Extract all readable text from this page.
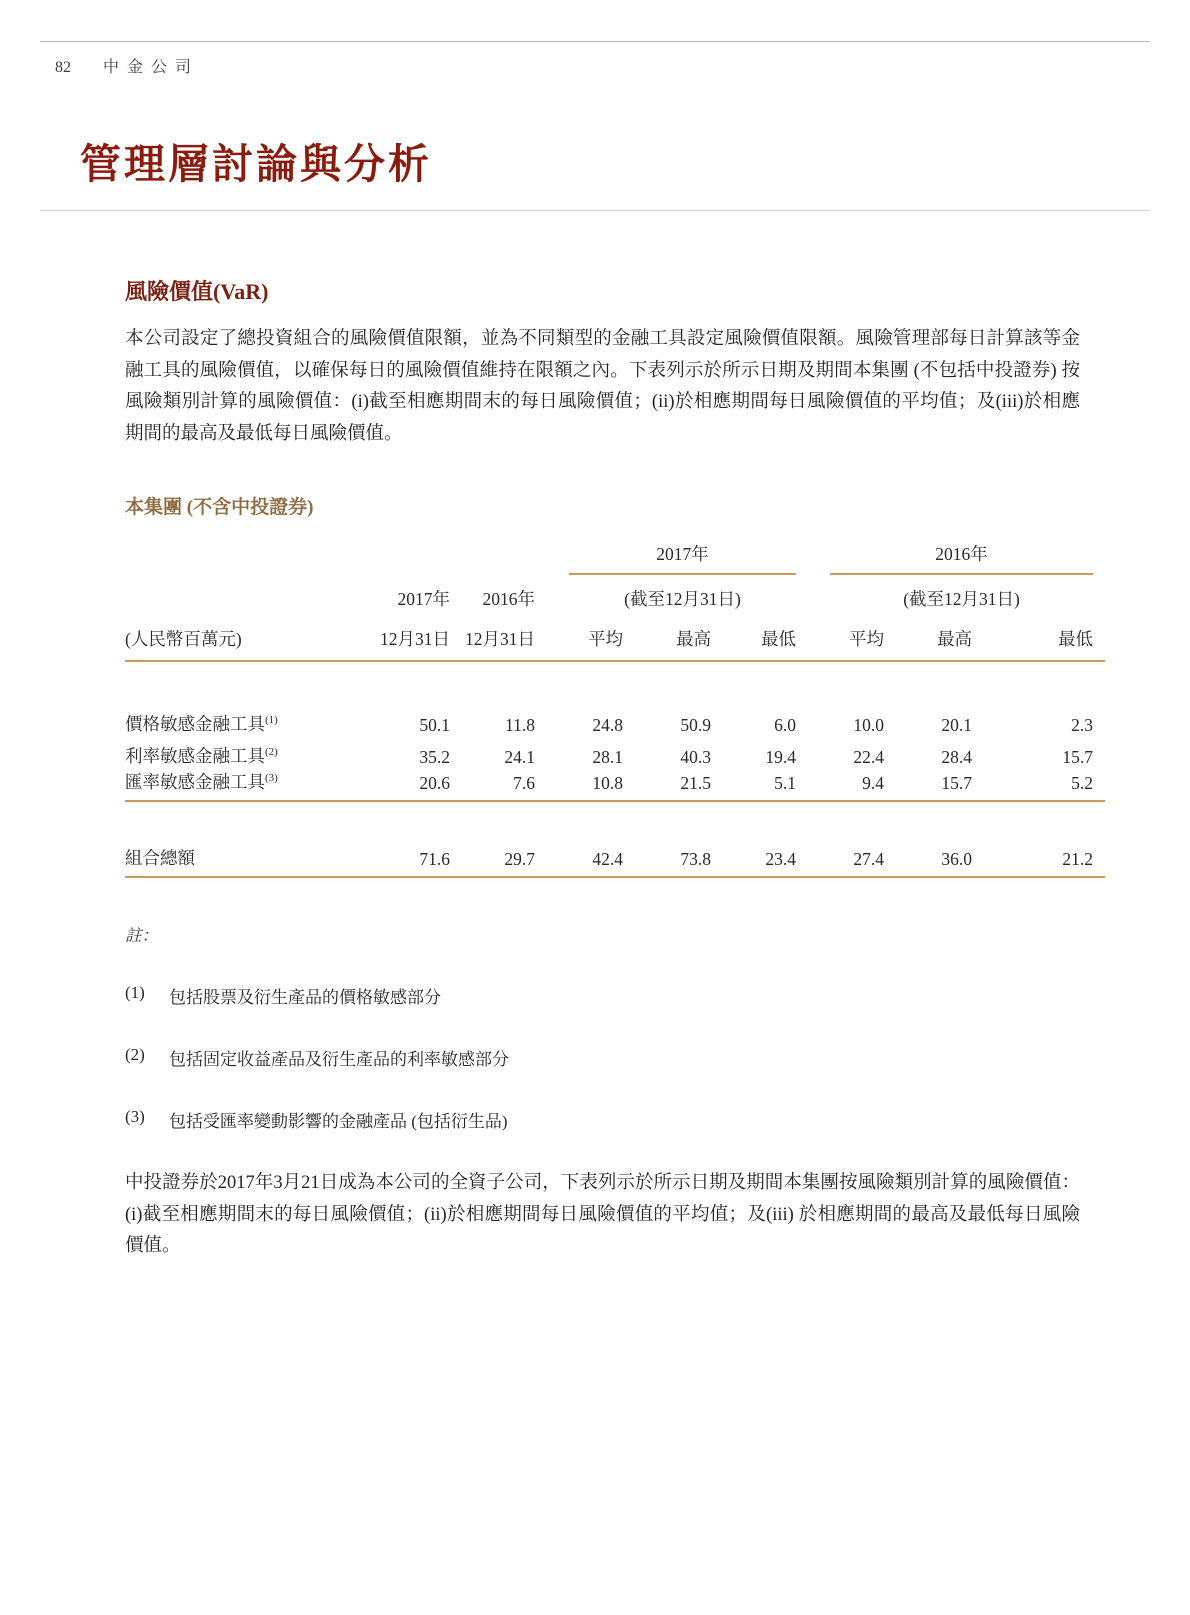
82 中金公司
管理層討論與分析
風險價值(VaR)

本公司設定了總投資組合的風險價值限額，並為不同類型的金融工具設定風險價值限額。風險管理部每日計算該等金融工具的風險價值，以確保每日的風險價值維持在限額之內。下表列示於所示日期及期間本集團 (不包括中投證券) 按風險類別計算的風險價值：(i)截至相應期間末的每日風險價值；(ii)於相應期間每日風險價值的平均值；及(iii)於相應期間的最高及最低每日風險價值。

本集團 (不含中投證券)

			2017年			2016年		

	2017年	2016年	(截至12月31日)			(截至12月31日)		

(人民幣百萬元)	12月31日	12月31日	平均	最高	最低	平均	最高	最低

價格敏感金融工具$^{(1)}$	50.1	11.8	24.8	50.9	6.0	10.0	20.1	2.3
利率敏感金融工具$^{(2)}$	35.2	24.1	28.1	40.3	19.4	22.4	28.4	15.7
匯率敏感金融工具$^{(3)}$	20.6	7.6	10.8	21.5	5.1	9.4	15.7	5.2

組合總額	71.6	29.7	42.4	73.8	23.4	27.4	36.0	21.2

註：

(1)	包括股票及衍生產品的價格敏感部分
(2)	包括固定收益產品及衍生產品的利率敏感部分
(3)	包括受匯率變動影響的金融產品 (包括衍生品)

中投證券於2017年3月21日成為本公司的全資子公司，下表列示於所示日期及期間本集團按風險類別計算的風險價值：(i)截至相應期間末的每日風險價值；(ii)於相應期間每日風險價值的平均值；及(iii) 於相應期間的最高及最低每日風險價值。
